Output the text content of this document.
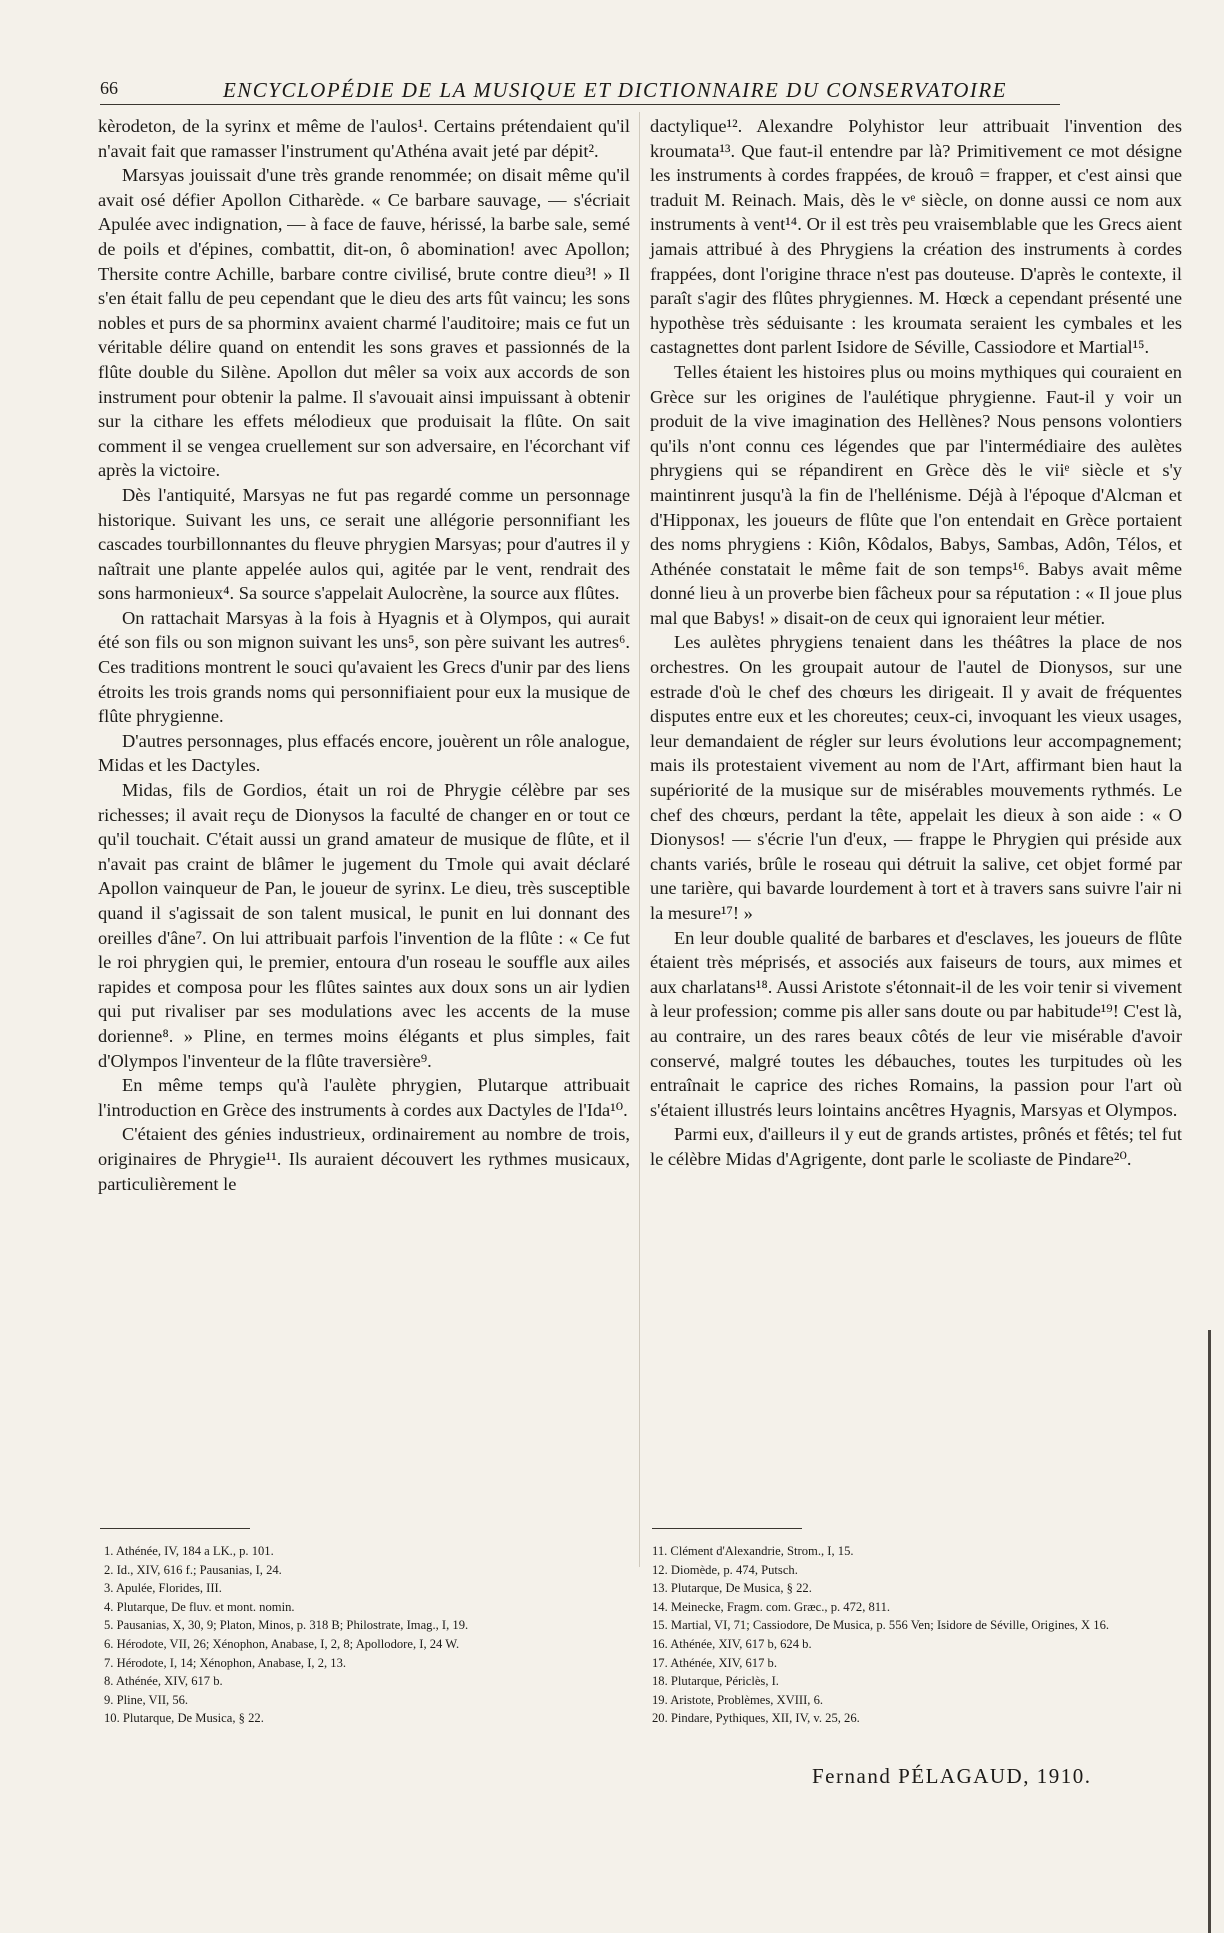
66	ENCYCLOPÉDIE DE LA MUSIQUE ET DICTIONNAIRE DU CONSERVATOIRE

kèrodeton, de la syrinx et même de l'aulos¹. Certains prétendaient qu'il n'avait fait que ramasser l'instrument qu'Athéna avait jeté par dépit².

Marsyas jouissait d'une très grande renommée; on disait même qu'il avait osé défier Apollon Citharède. « Ce barbare sauvage, — s'écriait Apulée avec indignation, — à face de fauve, hérissé, la barbe sale, semé de poils et d'épines, combattit, dit-on, ô abomination! avec Apollon; Thersite contre Achille, barbare contre civilisé, brute contre dieu³! » Il s'en était fallu de peu cependant que le dieu des arts fût vaincu; les sons nobles et purs de sa phorminx avaient charmé l'auditoire; mais ce fut un véritable délire quand on entendit les sons graves et passionnés de la flûte double du Silène. Apollon dut mêler sa voix aux accords de son instrument pour obtenir la palme. Il s'avouait ainsi impuissant à obtenir sur la cithare les effets mélodieux que produisait la flûte. On sait comment il se vengea cruellement sur son adversaire, en l'écorchant vif après la victoire.

Dès l'antiquité, Marsyas ne fut pas regardé comme un personnage historique. Suivant les uns, ce serait une allégorie personnifiant les cascades tourbillonnantes du fleuve phrygien Marsyas; pour d'autres il y naîtrait une plante appelée aulos qui, agitée par le vent, rendrait des sons harmonieux⁴. Sa source s'appelait Aulocrène, la source aux flûtes.

On rattachait Marsyas à la fois à Hyagnis et à Olympos, qui aurait été son fils ou son mignon suivant les uns⁵, son père suivant les autres⁶. Ces traditions montrent le souci qu'avaient les Grecs d'unir par des liens étroits les trois grands noms qui personnifiaient pour eux la musique de flûte phrygienne.

D'autres personnages, plus effacés encore, jouèrent un rôle analogue, Midas et les Dactyles.

Midas, fils de Gordios, était un roi de Phrygie célèbre par ses richesses; il avait reçu de Dionysos la faculté de changer en or tout ce qu'il touchait. C'était aussi un grand amateur de musique de flûte, et il n'avait pas craint de blâmer le jugement du Tmole qui avait déclaré Apollon vainqueur de Pan, le joueur de syrinx. Le dieu, très susceptible quand il s'agissait de son talent musical, le punit en lui donnant des oreilles d'âne⁷. On lui attribuait parfois l'invention de la flûte : « Ce fut le roi phrygien qui, le premier, entoura d'un roseau le souffle aux ailes rapides et composa pour les flûtes saintes aux doux sons un air lydien qui put rivaliser par ses modulations avec les accents de la muse dorienne⁸. » Pline, en termes moins élégants et plus simples, fait d'Olympos l'inventeur de la flûte traversière⁹.

En même temps qu'à l'aulète phrygien, Plutarque attribuait l'introduction en Grèce des instruments à cordes aux Dactyles de l'Ida¹⁰.

C'étaient des génies industrieux, ordinairement au nombre de trois, originaires de Phrygie¹¹. Ils auraient découvert les rythmes musicaux, particulièrement le

dactylique¹². Alexandre Polyhistor leur attribuait l'invention des kroumata¹³. Que faut-il entendre par là? Primitivement ce mot désigne les instruments à cordes frappées, de krouô = frapper, et c'est ainsi que traduit M. Reinach. Mais, dès le vᵉ siècle, on donne aussi ce nom aux instruments à vent¹⁴. Or il est très peu vraisemblable que les Grecs aient jamais attribué à des Phrygiens la création des instruments à cordes frappées, dont l'origine thrace n'est pas douteuse. D'après le contexte, il paraît s'agir des flûtes phrygiennes. M. Hœck a cependant présenté une hypothèse très séduisante : les kroumata seraient les cymbales et les castagnettes dont parlent Isidore de Séville, Cassiodore et Martial¹⁵.

Telles étaient les histoires plus ou moins mythiques qui couraient en Grèce sur les origines de l'aulétique phrygienne. Faut-il y voir un produit de la vive imagination des Hellènes? Nous pensons volontiers qu'ils n'ont connu ces légendes que par l'intermédiaire des aulètes phrygiens qui se répandirent en Grèce dès le viiᵉ siècle et s'y maintinrent jusqu'à la fin de l'hellénisme. Déjà à l'époque d'Alcman et d'Hipponax, les joueurs de flûte que l'on entendait en Grèce portaient des noms phrygiens : Kiôn, Kôdalos, Babys, Sambas, Adôn, Télos, et Athénée constatait le même fait de son temps¹⁶. Babys avait même donné lieu à un proverbe bien fâcheux pour sa réputation : « Il joue plus mal que Babys! » disait-on de ceux qui ignoraient leur métier.

Les aulètes phrygiens tenaient dans les théâtres la place de nos orchestres. On les groupait autour de l'autel de Dionysos, sur une estrade d'où le chef des chœurs les dirigeait. Il y avait de fréquentes disputes entre eux et les choreutes; ceux-ci, invoquant les vieux usages, leur demandaient de régler sur leurs évolutions leur accompagnement; mais ils protestaient vivement au nom de l'Art, affirmant bien haut la supériorité de la musique sur de misérables mouvements rythmés. Le chef des chœurs, perdant la tête, appelait les dieux à son aide : « O Dionysos! — s'écrie l'un d'eux, — frappe le Phrygien qui préside aux chants variés, brûle le roseau qui détruit la salive, cet objet formé par une tarière, qui bavarde lourdement à tort et à travers sans suivre l'air ni la mesure¹⁷! »

En leur double qualité de barbares et d'esclaves, les joueurs de flûte étaient très méprisés, et associés aux faiseurs de tours, aux mimes et aux charlatans¹⁸. Aussi Aristote s'étonnait-il de les voir tenir si vivement à leur profession; comme pis aller sans doute ou par habitude¹⁹! C'est là, au contraire, un des rares beaux côtés de leur vie misérable d'avoir conservé, malgré toutes les débauches, toutes les turpitudes où les entraînait le caprice des riches Romains, la passion pour l'art où s'étaient illustrés leurs lointains ancêtres Hyagnis, Marsyas et Olympos.

Parmi eux, d'ailleurs il y eut de grands artistes, prônés et fêtés; tel fut le célèbre Midas d'Agrigente, dont parle le scoliaste de Pindare²⁰.

1. Athénée, IV, 184 a LK., p. 101.
2. Id., XIV, 616 f.; Pausanias, I, 24.
3. Apulée, Florides, III.
4. Plutarque, De fluv. et mont. nomin.
5. Pausanias, X, 30, 9; Platon, Minos, p. 318 B; Philostrate, Imag., I, 19.
6. Hérodote, VII, 26; Xénophon, Anabase, I, 2, 8; Apollodore, I, 24 W.
7. Hérodote, I, 14; Xénophon, Anabase, I, 2, 13.
8. Athénée, XIV, 617 b.
9. Pline, VII, 56.
10. Plutarque, De Musica, § 22.
11. Clément d'Alexandrie, Strom., I, 15.
12. Diomède, p. 474, Putsch.
13. Plutarque, De Musica, § 22.
14. Meinecke, Fragm. com. Græc., p. 472, 811.
15. Martial, VI, 71; Cassiodore, De Musica, p. 556 Ven; Isidore de Séville, Origines, X 16.
16. Athénée, XIV, 617 b, 624 b.
17. Athénée, XIV, 617 b.
18. Plutarque, Périclès, I.
19. Aristote, Problèmes, XVIII, 6.
20. Pindare, Pythiques, XII, IV, v. 25, 26.
Fernand PÉLAGAUD, 1910.
